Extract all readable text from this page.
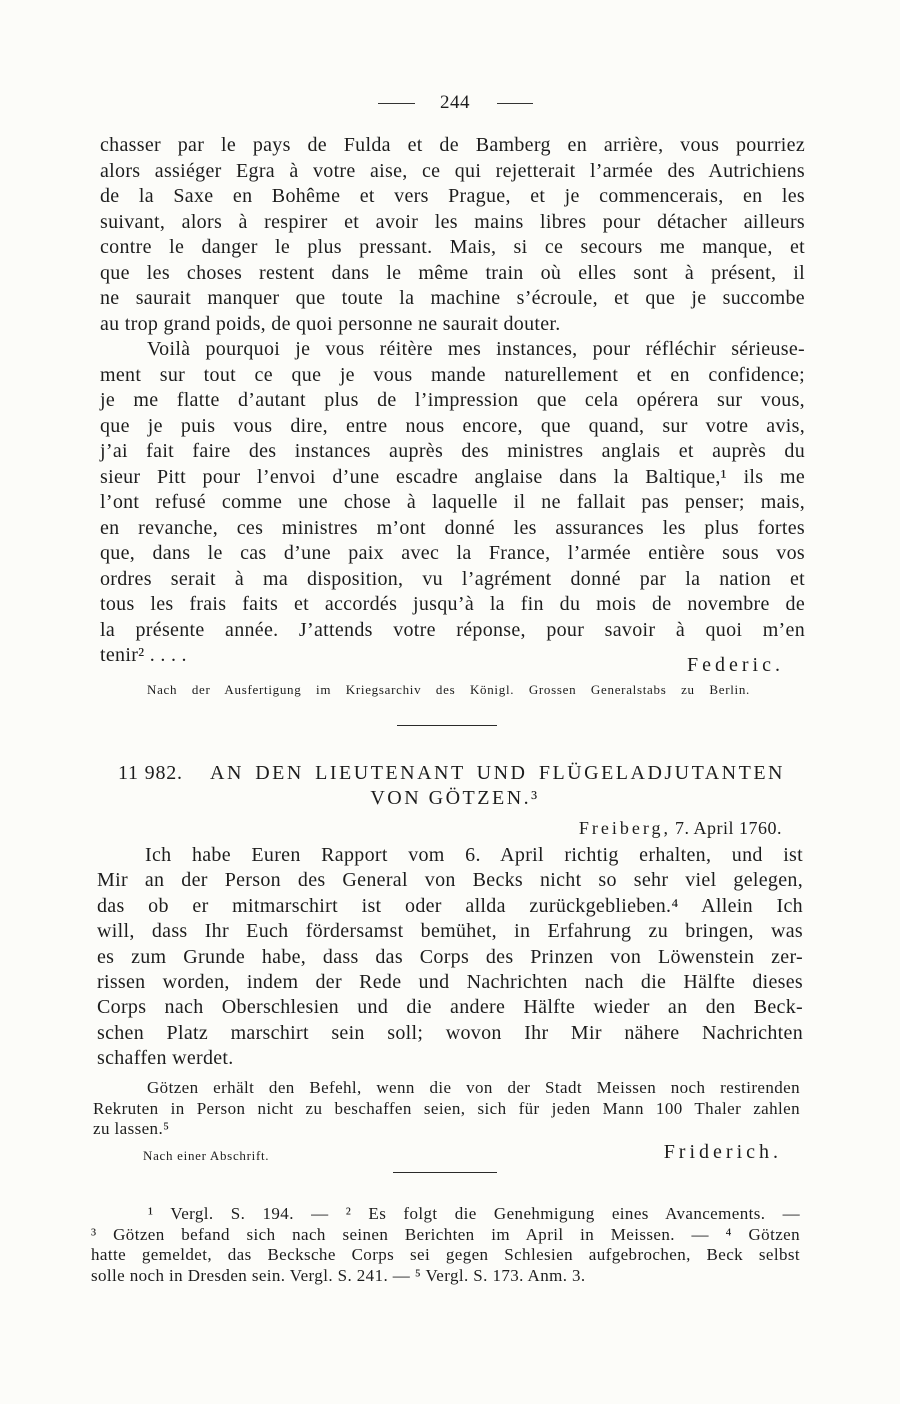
244
chasser par le pays de Fulda et de Bamberg en arrière, vous pourriez
alors assiéger Egra à votre aise, ce qui rejetterait l’armée des Autrichiens
de la Saxe en Bohême et vers Prague, et je commencerais, en les
suivant, alors à respirer et avoir les mains libres pour détacher ailleurs
contre le danger le plus pressant. Mais, si ce secours me manque, et
que les choses restent dans le même train où elles sont à présent, il
ne saurait manquer que toute la machine s’écroule, et que je succombe
au trop grand poids, de quoi personne ne saurait douter.
Voilà pourquoi je vous réitère mes instances, pour réfléchir sérieuse-
ment sur tout ce que je vous mande naturellement et en confidence;
je me flatte d’autant plus de l’impression que cela opérera sur vous,
que je puis vous dire, entre nous encore, que quand, sur votre avis,
j’ai fait faire des instances auprès des ministres anglais et auprès du
sieur Pitt pour l’envoi d’une escadre anglaise dans la Baltique,¹ ils me
l’ont refusé comme une chose à laquelle il ne fallait pas penser; mais,
en revanche, ces ministres m’ont donné les assurances les plus fortes
que, dans le cas d’une paix avec la France, l’armée entière sous vos
ordres serait à ma disposition, vu l’agrément donné par la nation et
tous les frais faits et accordés jusqu’à la fin du mois de novembre de
la présente année. J’attends votre réponse, pour savoir à quoi m’en
tenir² . . . .	Federic.
Nach der Ausfertigung im Kriegsarchiv des Königl. Grossen Generalstabs zu Berlin.
11 982. AN DEN LIEUTENANT UND FLÜGELADJUTANTEN
VON GÖTZEN.³
Freiberg, 7. April 1760.
Ich habe Euren Rapport vom 6. April richtig erhalten, und ist
Mir an der Person des General von Becks nicht so sehr viel gelegen,
das ob er mitmarschirt ist oder allda zurückgeblieben.⁴ Allein Ich
will, dass Ihr Euch fördersamst bemühet, in Erfahrung zu bringen, was
es zum Grunde habe, dass das Corps des Prinzen von Löwenstein zer-
rissen worden, indem der Rede und Nachrichten nach die Hälfte dieses
Corps nach Oberschlesien und die andere Hälfte wieder an den Beck-
schen Platz marschirt sein soll; wovon Ihr Mir nähere Nachrichten
schaffen werdet.
Götzen erhält den Befehl, wenn die von der Stadt Meissen noch restirenden
Rekruten in Person nicht zu beschaffen seien, sich für jeden Mann 100 Thaler zahlen
zu lassen.⁵
Nach einer Abschrift.	Friderich.
¹ Vergl. S. 194. — ² Es folgt die Genehmigung eines Avancements. —
³ Götzen befand sich nach seinen Berichten im April in Meissen. — ⁴ Götzen
hatte gemeldet, das Becksche Corps sei gegen Schlesien aufgebrochen, Beck selbst
solle noch in Dresden sein. Vergl. S. 241. — ⁵ Vergl. S. 173. Anm. 3.
